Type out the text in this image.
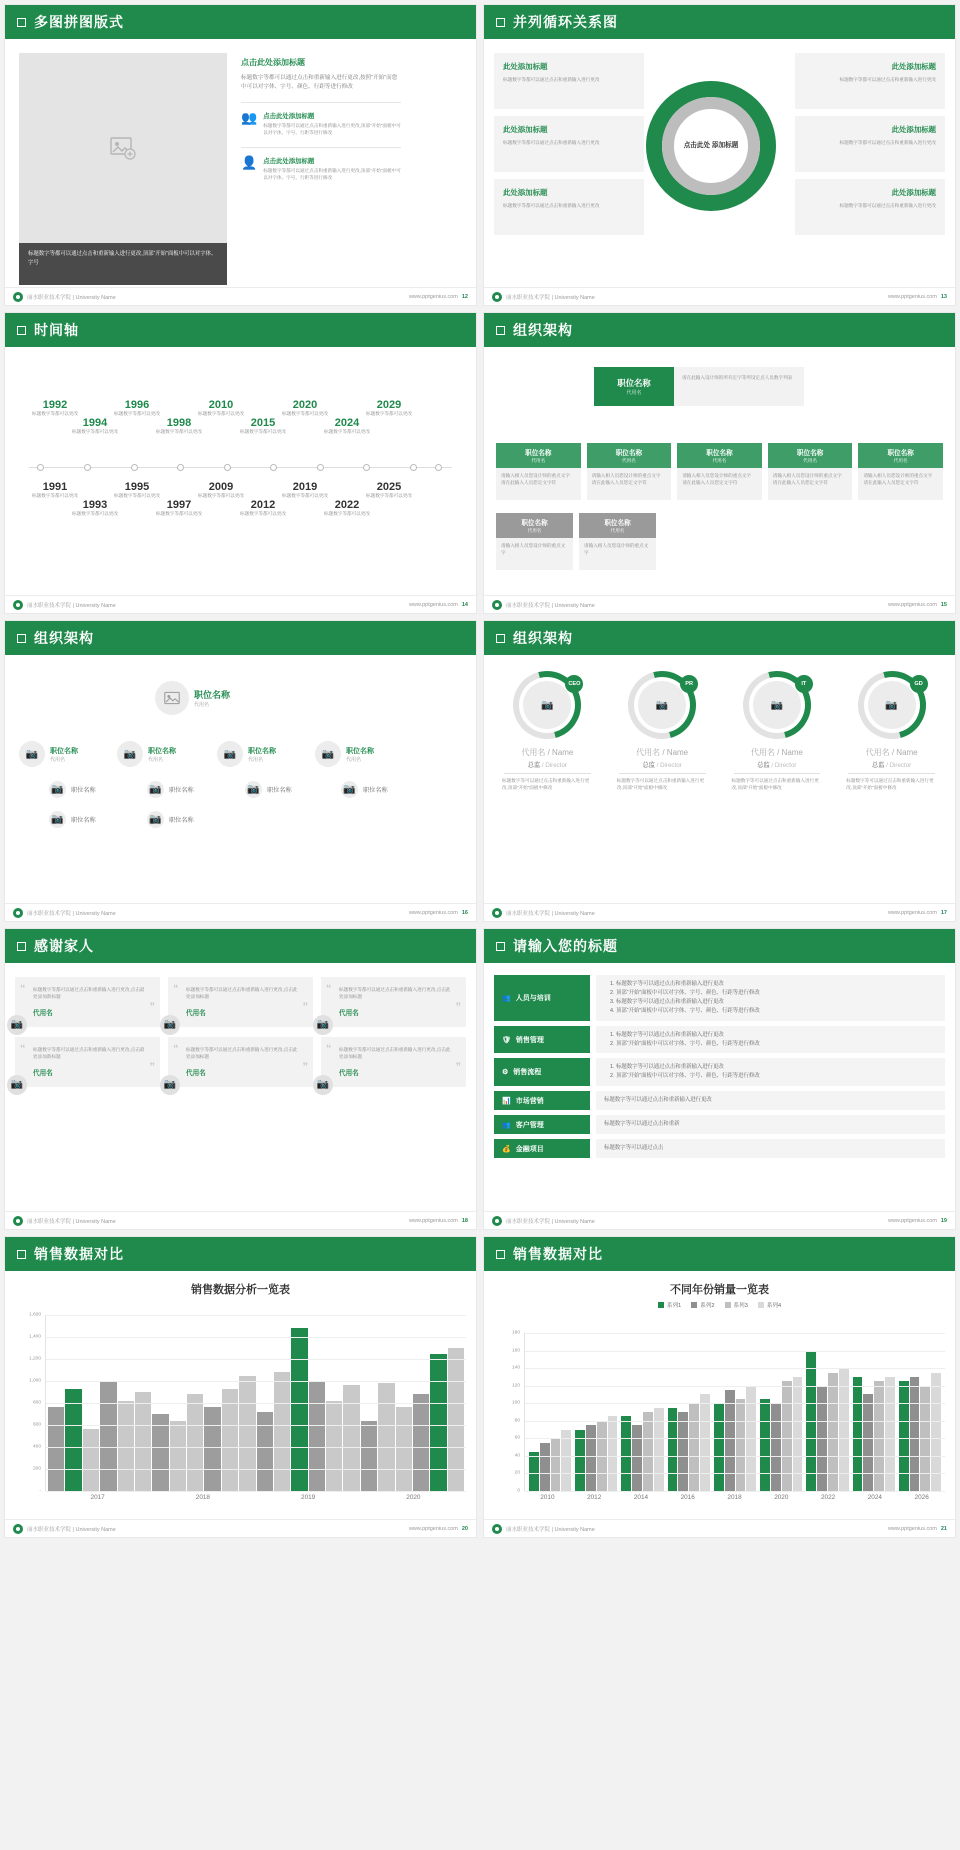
多图拼图版式
标题数字等都可以通过点击和重新输入进行更改,顶部“开始”面板中可以对字体、字号
点击此处添加标题
标题数字等都可以通过点击和重新输入进行更改,按照“开始”而您中可以对字体、字号、颜色、行距等进行修改
👥 点击此处添加标题
标题数字等都可以通过点击和重新输入进行更改,顶部“开始”面板中可以对字体、字号、行距等进行修改
👤 点击此处添加标题
标题数字等都可以通过点击和重新输入进行更改,顶部“开始”面板中可以对字体、字号、行距等进行修改
丽水职业技术学院 | University Name	www.pptgenius.com 12
并列循环关系图
此处添加标题
标题数字等都可以通过点击和重新输入进行更改
此处添加标题
标题数字等都可以通过点击和重新输入进行更改
此处添加标题
标题数字等都可以通过点击和重新输入进行更改
点击此处 添加标题
此处添加标题
标题数字等都可以通过点击和重新输入进行更改
此处添加标题
标题数字等都可以通过点击和重新输入进行更改
此处添加标题
标题数字等都可以通过点击和重新输入进行更改
丽水职业技术学院 | University Name	www.pptgenius.com 13
时间轴
1992
标题数字等都可以更改
1994
标题数字等都可以更改
1996
标题数字等都可以更改
1998
标题数字等都可以更改
2010
标题数字等都可以更改
2015
标题数字等都可以更改
2020
标题数字等都可以更改
2024
标题数字等都可以更改
2029
标题数字等都可以更改
1991
标题数字等都可以更改
1993
标题数字等都可以更改
1995
标题数字等都可以更改
1997
标题数字等都可以更改
2009
标题数字等都可以更改
2012
标题数字等都可以更改
2019
标题数字等都可以更改
2022
标题数字等都可以更改
2025
标题数字等都可以更改
丽水职业技术学院 | University Name	www.pptgenius.com 14
组织架构
职位名称
代用名
请在此输入设计师的所有定字等所设定点人员数字列表
职位名称
代用名
请输入相人员您设计师的重点文字 请在此输入人员您定文字符
职位名称
代用名
请输入相人员您设计师的重点文字 请在此输入人员您定文字符
职位名称
代用名
请输入相人员您设计师的重点文字 请在此输入人员您定文字符
职位名称
代用名
请输入相人员您设计师的重点文字 请在此输入人员您定文字符
职位名称
代用名
请输入相人员您设计师的重点文字 请在此输入人员您定文字符
职位名称
代用名
请输入相人员您设计师的重点文字
职位名称
代用名
请输入相人员您设计师的重点文字
丽水职业技术学院 | University Name	www.pptgenius.com 15
组织架构
职位名称
代用名
📷	职位名称
代用名
📷	职位名称
代用名
📷	职位名称
代用名
📷	职位名称
代用名
📷	职位名称	📷	职位名称	📷	职位名称	📷	职位名称
📷	职位名称	📷	职位名称
丽水职业技术学院 | University Name	www.pptgenius.com 16
组织架构
📷
CEO
代用名 / Name
总监 / Director
标题数字等可以通过点击和重新输入进行更改,顶部“开始”面板中修改
📷
PR
代用名 / Name
总监 / Director
标题数字等可以通过点击和重新输入进行更改,顶部“开始”面板中修改
📷
IT
代用名 / Name
总监 / Director
标题数字等可以通过点击和重新输入进行更改,顶部“开始”面板中修改
📷
GD
代用名 / Name
总监 / Director
标题数字等可以通过点击和重新输入进行更改,顶部“开始”面板中修改
丽水职业技术学院 | University Name	www.pptgenius.com 17
感谢家人
“
”
标题数字等都可以通过点击和重新输入进行更改,点击最处添加新标题
代用名
📷
“
”
标题数字等都可以通过点击和重新输入进行更改,点击此处添加标题
代用名
📷
“
”
标题数字等都可以通过点击和重新输入进行更改,点击此处添加标题
代用名
📷
“
”
标题数字等都可以通过点击和重新输入进行更改,点击最处添加新标题
代用名
📷
“
”
标题数字等都可以通过点击和重新输入进行更改,点击此处添加标题
代用名
📷
“
”
标题数字等都可以通过点击和重新输入进行更改,点击此处添加标题
代用名
📷
丽水职业技术学院 | University Name	www.pptgenius.com 18
请输入您的标题
👥 人员与培训
1. 标题数字等可以通过点击和重新输入进行更改
2. 顶部“开始”面板中可以对字体、字号、颜色、行距等进行修改
3. 标题数字等可以通过点击和重新输入进行更改
4. 顶部“开始”面板中可以对字体、字号、颜色、行距等进行修改
🛡 销售管理
1. 标题数字等可以通过点击和重新输入进行更改
2. 顶部“开始”面板中可以对字体、字号、颜色、行距等进行修改
⚙ 销售流程
1. 标题数字等可以通过点击和重新输入进行更改
2. 顶部“开始”面板中可以对字体、字号、颜色、行距等进行修改
📊 市场营销	标题数字等可以通过点击和重新输入进行更改
👥 客户管理	标题数字等可以通过点击和重新
💰 金融项目	标题数字等可以通过点击
丽水职业技术学院 | University Name	www.pptgenius.com 19
销售数据对比
销售数据分析一览表
-
200
400
600
800
1,000
1,200
1,400
1,600
2017	2018	2019	2020
丽水职业技术学院 | University Name	www.pptgenius.com 20
销售数据对比
不同年份销量一览表
系列1	系列2	系列3	系列4
0
20
40
60
80
100
120
140
160
180
2010	2012	2014	2016	2018	2020	2022	2024	2026
丽水职业技术学院 | University Name	www.pptgenius.com 21
